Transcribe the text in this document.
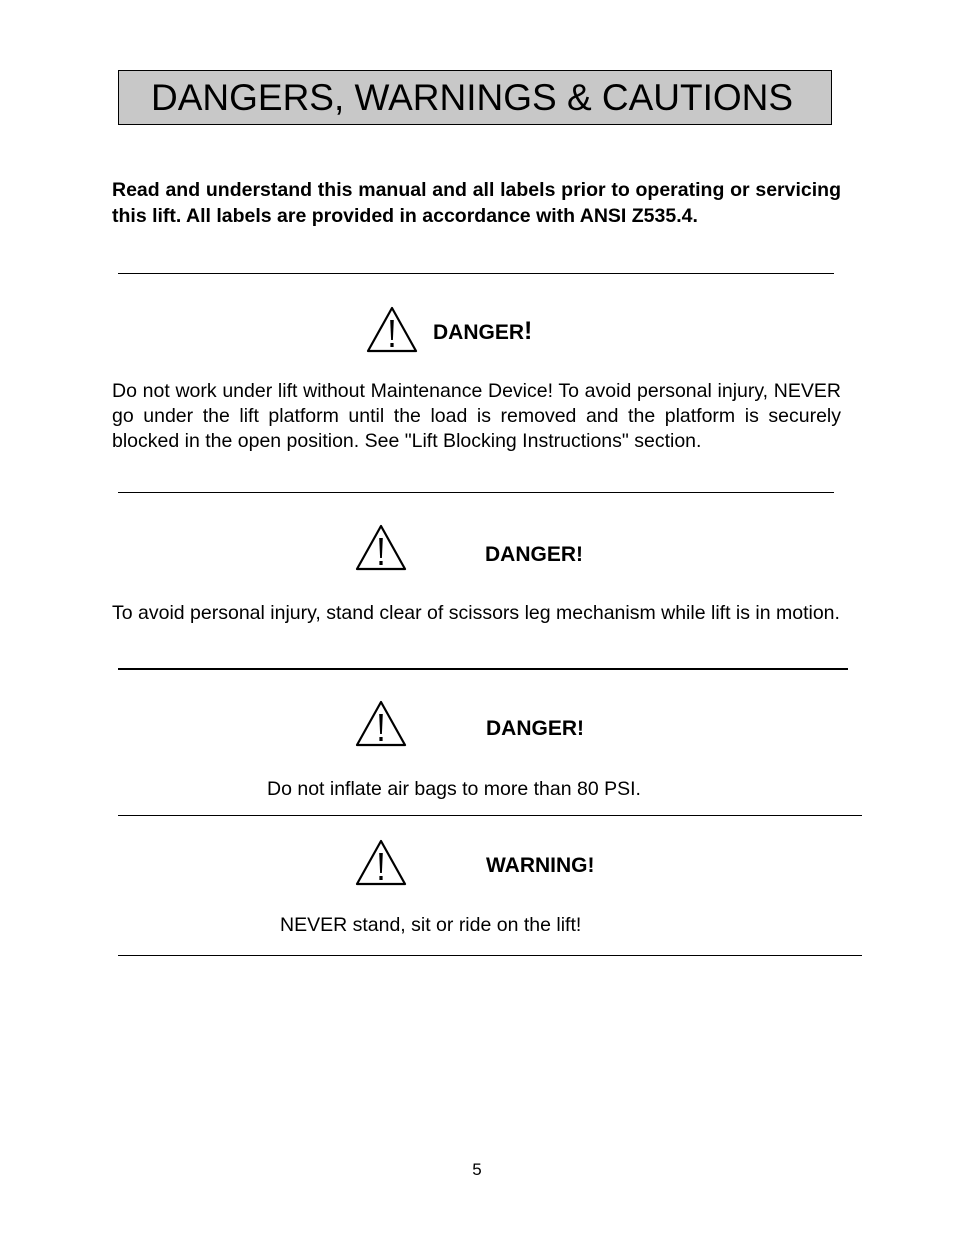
DANGERS, WARNINGS & CAUTIONS
Read and understand this manual and all labels prior to operating or servicing this lift. All labels are provided in accordance with ANSI Z535.4.
DANGER!
Do not work under lift without Maintenance Device! To avoid personal injury, NEVER go under the lift platform until the load is removed and the platform is securely blocked in the open position. See "Lift Blocking Instructions" section.
DANGER!
To avoid personal injury, stand clear of scissors leg mechanism while lift is in motion.
DANGER!
Do not inflate air bags to more than 80 PSI.
WARNING!
NEVER stand, sit or ride on the lift!
5
